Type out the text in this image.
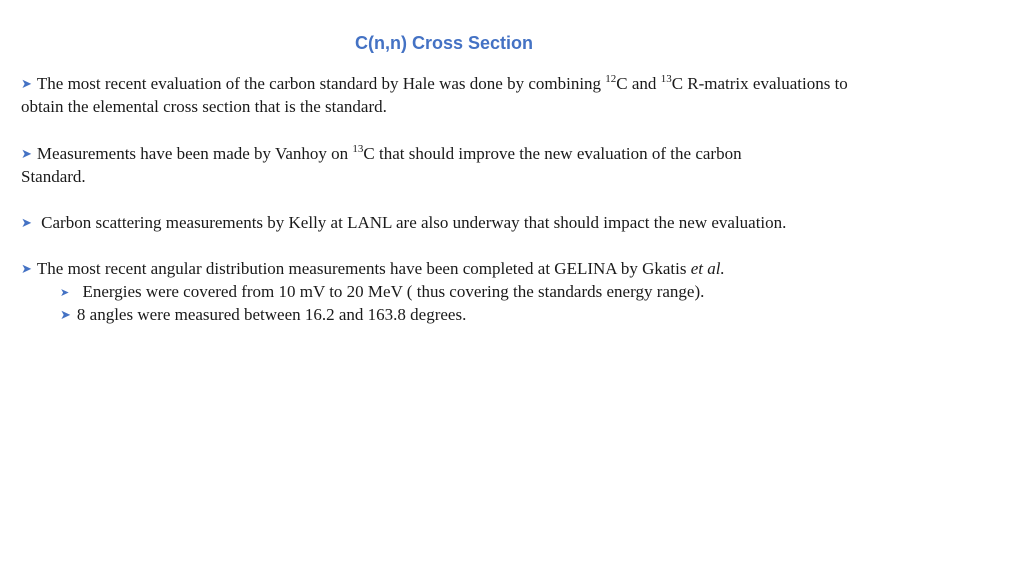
C(n,n) Cross Section
➤ The most recent evaluation of the carbon standard by Hale was done by combining $^{12}$C and $^{13}$C R-matrix evaluations to
obtain the elemental cross section that is the standard.
➤ Measurements have been made by Vanhoy on $^{13}$C that should improve the new evaluation of the carbon
Standard.
➤ Carbon scattering measurements by Kelly at LANL are also underway that should impact the new evaluation.
➤ The most recent angular distribution measurements have been completed at GELINA by Gkatis et al.
➤ Energies were covered from 10 mV to 20 MeV ( thus covering the standards energy range).
➤ 8 angles were measured between 16.2 and 163.8 degrees.
